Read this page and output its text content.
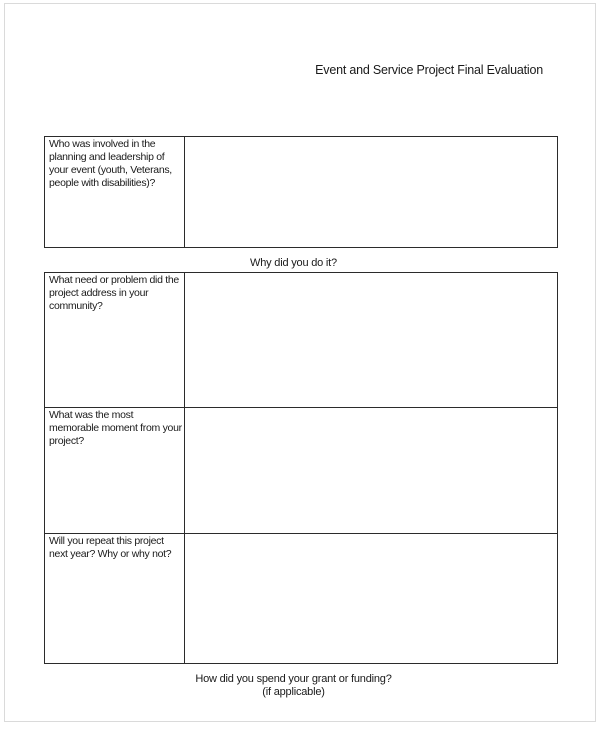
Event and Service Project Final Evaluation
Who was involved in the planning and leadership of your event (youth, Veterans, people with disabilities)?	
Why did you do it?
What need or problem did the project address in your community?	
What was the most memorable moment from your project?	
Will you repeat this project next year? Why or why not?	
How did you spend your grant or funding?
(if applicable)
